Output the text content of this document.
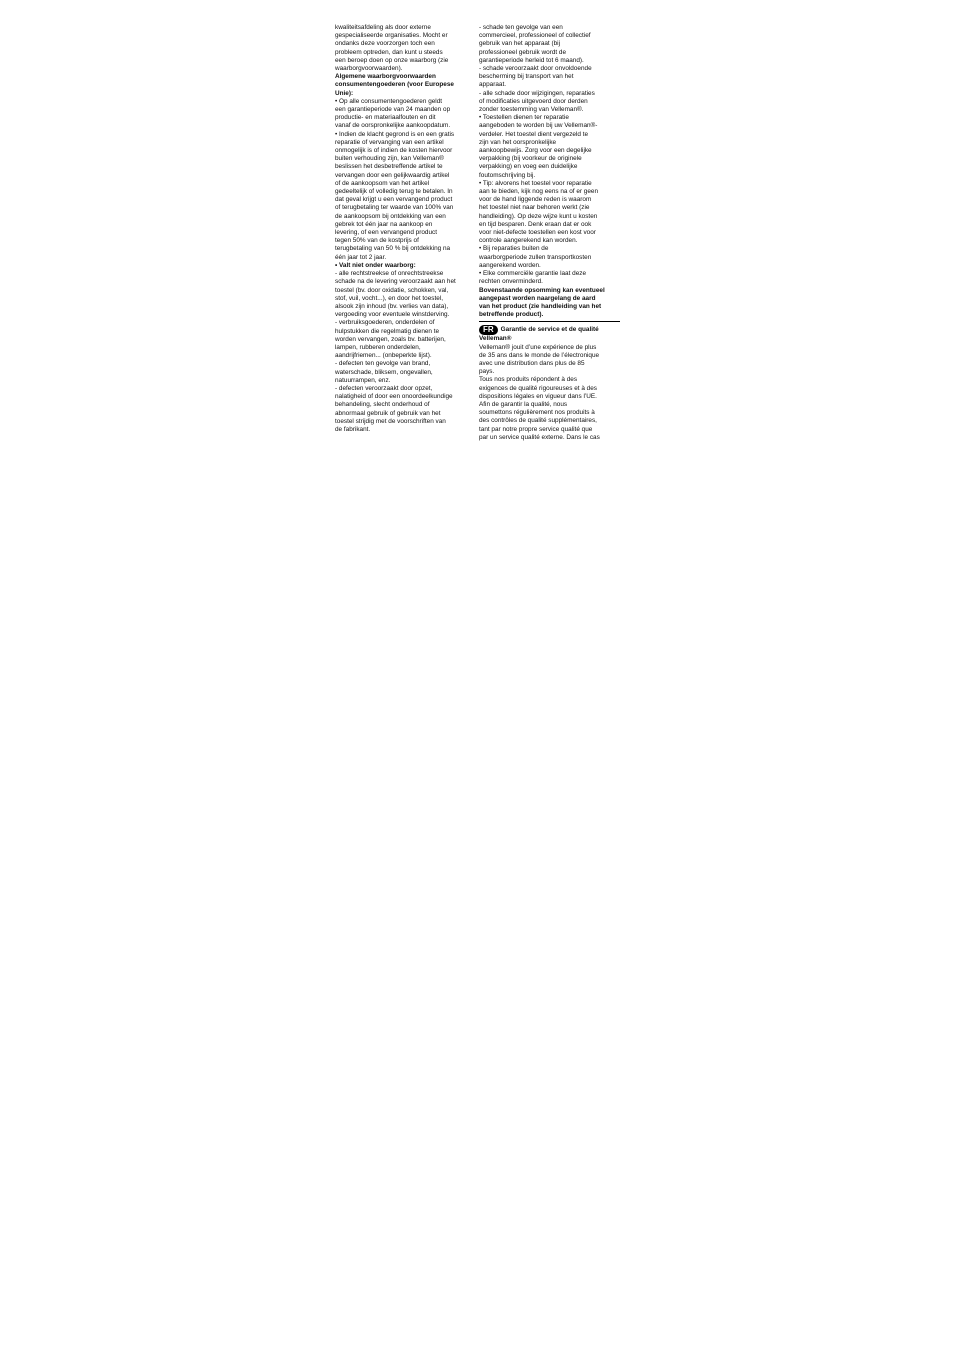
kwaliteitsafdeling als door externe
gespecialiseerde organisaties. Mocht er
ondanks deze voorzorgen toch een
probleem optreden, dan kunt u steeds
een beroep doen op onze waarborg (zie
waarborgvoorwaarden).
Algemene waarborgvoorwaarden
consumentengoederen (voor Europese
Unie):
• Op alle consumentengoederen geldt
een garantieperiode van 24 maanden op
productie- en materiaalfouten en dit
vanaf de oorspronkelijke aankoopdatum.
• Indien de klacht gegrond is en een gratis
reparatie of vervanging van een artikel
onmogelijk is of indien de kosten hiervoor
buiten verhouding zijn, kan Velleman®
beslissen het desbetreffende artikel te
vervangen door een gelijkwaardig artikel
of de aankoopsom van het artikel
gedeeltelijk of volledig terug te betalen. In
dat geval krijgt u een vervangend product
of terugbetaling ter waarde van 100% van
de aankoopsom bij ontdekking van een
gebrek tot één jaar na aankoop en
levering, of een vervangend product
tegen 50% van de kostprijs of
terugbetaling van 50 % bij ontdekking na
één jaar tot 2 jaar.
• Valt niet onder waarborg:
- alle rechtstreekse of onrechtstreekse
schade na de levering veroorzaakt aan het
toestel (bv. door oxidatie, schokken, val,
stof, vuil, vocht...), en door het toestel,
alsook zijn inhoud (bv. verlies van data),
vergoeding voor eventuele winstderving.
- verbruiksgoederen, onderdelen of
hulpstukken die regelmatig dienen te
worden vervangen, zoals bv. batterijen,
lampen, rubberen onderdelen,
aandrijfriemen... (onbeperkte lijst).
- defecten ten gevolge van brand,
waterschade, bliksem, ongevallen,
natuurrampen, enz.
- defecten veroorzaakt door opzet,
nalatigheid of door een onoordeelkundige
behandeling, slecht onderhoud of
abnormaal gebruik of gebruik van het
toestel strijdig met de voorschriften van
de fabrikant.
- schade ten gevolge van een
commercieel, professioneel of collectief
gebruik van het apparaat (bij
professioneel gebruik wordt de
garantieperiode herleid tot 6 maand).
- schade veroorzaakt door onvoldoende
bescherming bij transport van het
apparaat.
- alle schade door wijzigingen, reparaties
of modificaties uitgevoerd door derden
zonder toestemming van Velleman®.
• Toestellen dienen ter reparatie
aangeboden te worden bij uw Velleman®-
verdeler. Het toestel dient vergezeld te
zijn van het oorspronkelijke
aankoopbewijs. Zorg voor een degelijke
verpakking (bij voorkeur de originele
verpakking) en voeg een duidelijke
foutomschrijving bij.
• Tip: alvorens het toestel voor reparatie
aan te bieden, kijk nog eens na of er geen
voor de hand liggende reden is waarom
het toestel niet naar behoren werkt (zie
handleiding). Op deze wijze kunt u kosten
en tijd besparen. Denk eraan dat er ook
voor niet-defecte toestellen een kost voor
controle aangerekend kan worden.
• Bij reparaties buiten de
waarborgperiode zullen transportkosten
aangerekend worden.
• Elke commerciële garantie laat deze
rechten onverminderd.
Bovenstaande opsomming kan eventueel
aangepast worden naargelang de aard
van het product (zie handleiding van het
betreffende product).
FR	Garantie de service et de qualité
Velleman®
Velleman® jouit d’une expérience de plus
de 35 ans dans le monde de l’électronique
avec une distribution dans plus de 85
pays.
Tous nos produits répondent à des
exigences de qualité rigoureuses et à des
dispositions légales en vigueur dans l’UE.
Afin de garantir la qualité, nous
soumettons régulièrement nos produits à
des contrôles de qualité supplémentaires,
tant par notre propre service qualité que
par un service qualité externe. Dans le cas
